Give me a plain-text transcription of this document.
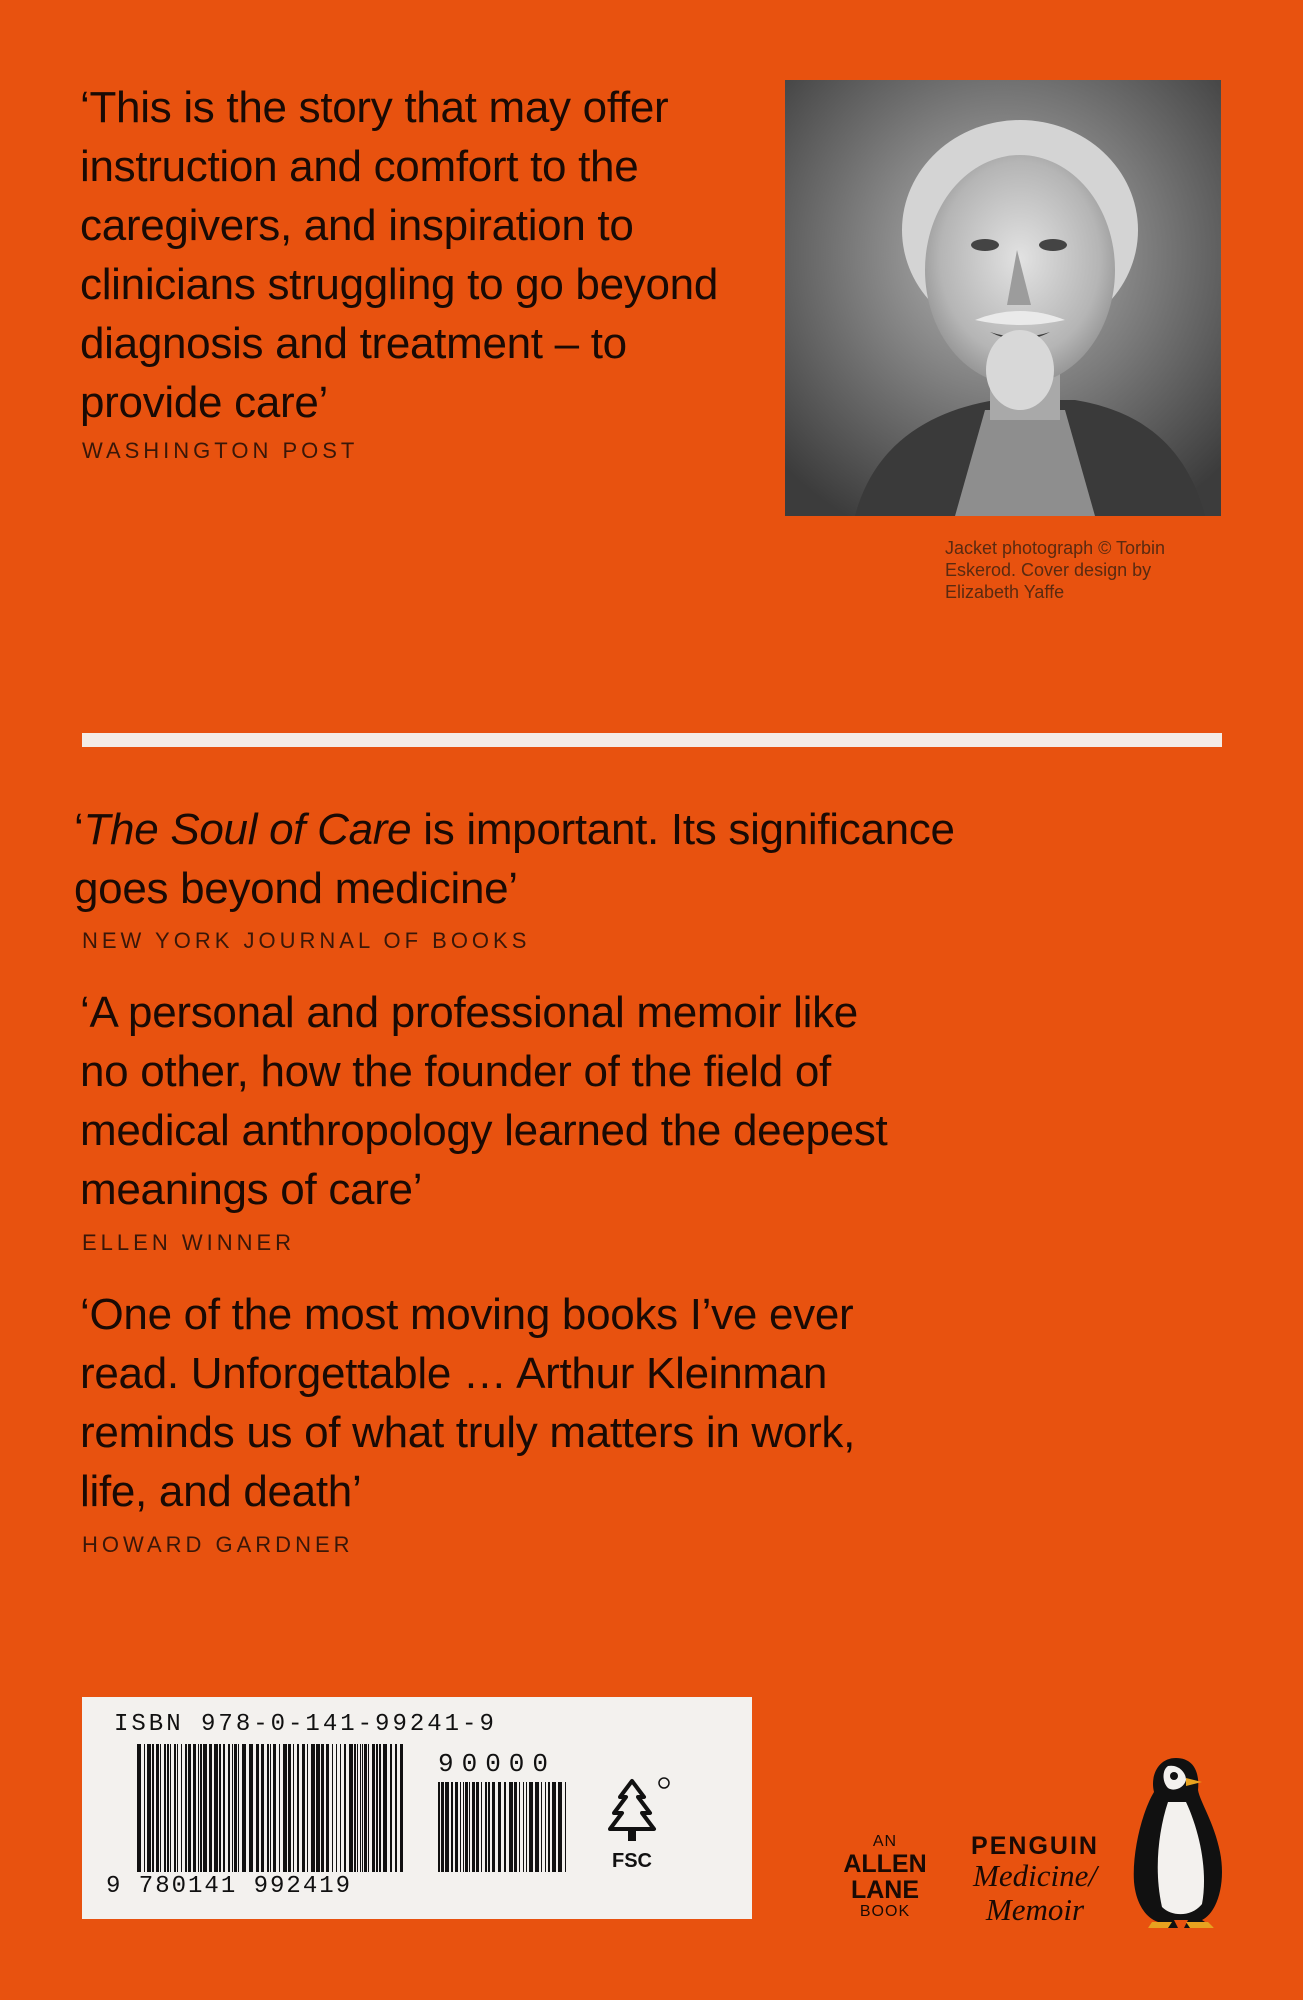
‘This is the story that may offer
instruction and comfort to the
caregivers, and inspiration to
clinicians struggling to go beyond
diagnosis and treatment – to
provide care’

WASHINGTON POST
Jacket photograph © Torbin
Eskerod. Cover design by
Elizabeth Yaffe

‘The Soul of Care is important. Its significance
goes beyond medicine’

NEW YORK JOURNAL OF BOOKS

‘A personal and professional memoir like
no other, how the founder of the field of
medical anthropology learned the deepest
meanings of care’

ELLEN WINNER

‘One of the most moving books I’ve ever
read. Unforgettable … Arthur Kleinman
reminds us of what truly matters in work,
life, and death’

HOWARD GARDNER
ISBN 978-0-141-99241-9
90000
9 780141 992419
FSC
AN
ALLEN
LANE
BOOK
PENGUIN
Medicine/
Memoir
